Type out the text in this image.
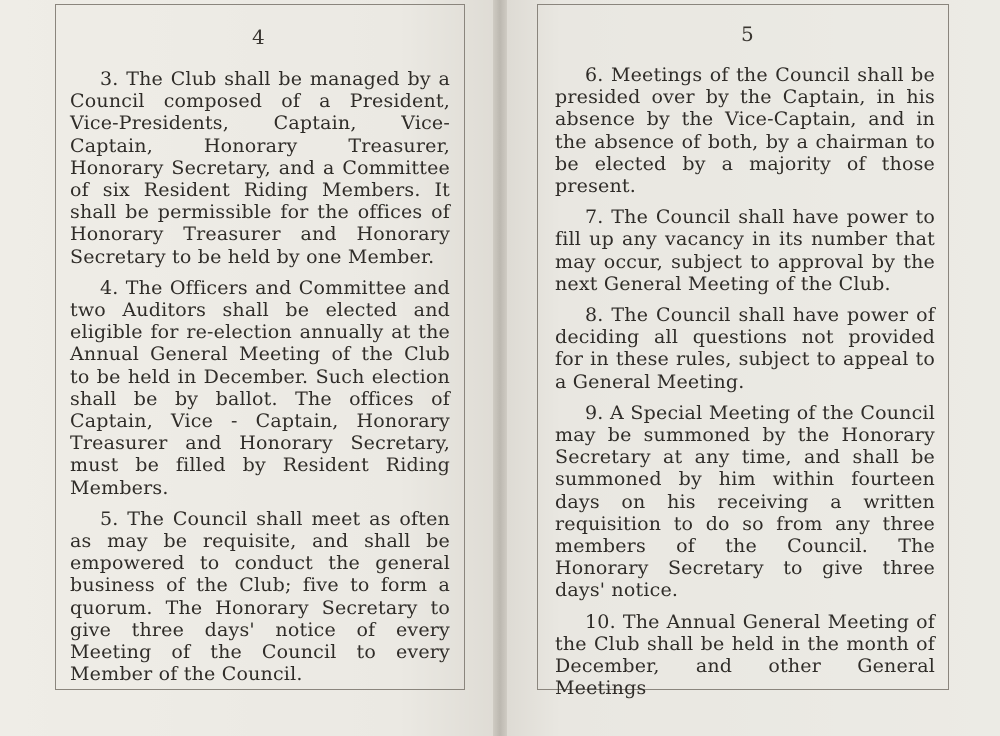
4

3. The Club shall be managed by a Council composed of a President, Vice-Presidents, Captain, Vice-Captain, Honorary Treasurer, Honorary Secretary, and a Committee of six Resident Riding Members. It shall be permissible for the offices of Honorary Treasurer and Honorary Secretary to be held by one Member.

4. The Officers and Committee and two Auditors shall be elected and eligible for re-election annually at the Annual General Meeting of the Club to be held in December. Such election shall be by ballot. The offices of Captain, Vice - Captain, Honorary Treasurer and Honorary Secretary, must be filled by Resident Riding Members.

5. The Council shall meet as often as may be requisite, and shall be empowered to conduct the general business of the Club; five to form a quorum. The Honorary Secretary to give three days' notice of every Meeting of the Council to every Member of the Council.

5

6. Meetings of the Council shall be presided over by the Captain, in his absence by the Vice-Captain, and in the absence of both, by a chairman to be elected by a majority of those present.

7. The Council shall have power to fill up any vacancy in its number that may occur, subject to approval by the next General Meeting of the Club.

8. The Council shall have power of deciding all questions not provided for in these rules, subject to appeal to a General Meeting.

9. A Special Meeting of the Council may be summoned by the Honorary Secretary at any time, and shall be summoned by him within fourteen days on his receiving a written requisition to do so from any three members of the Council. The Honorary Secretary to give three days' notice.

10. The Annual General Meeting of the Club shall be held in the month of December, and other General Meetings
